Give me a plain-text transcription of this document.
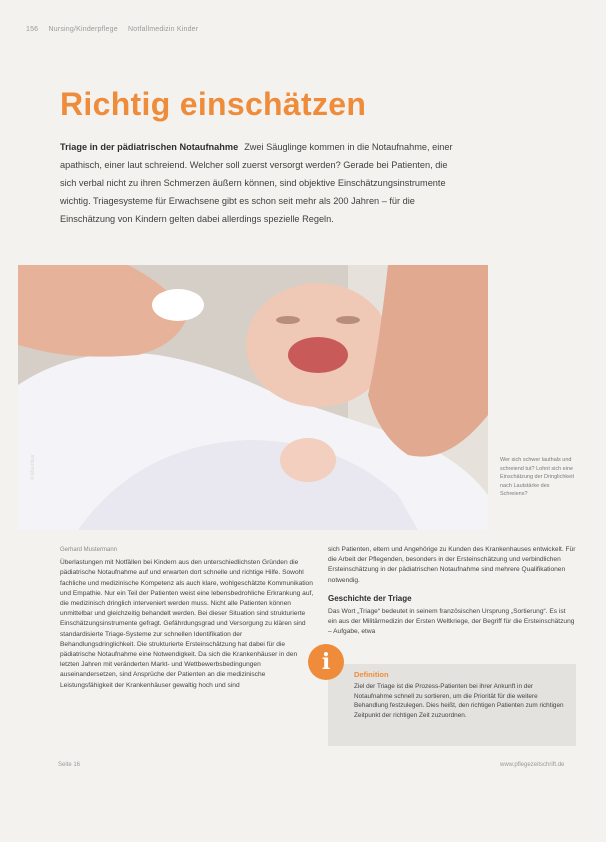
156 Nursing/Kinderpflege Notfallmedizin Kinder
Richtig einschätzen
Triage in der pädiatrischen Notaufnahme Zwei Säuglinge kommen in die Notaufnahme, einer apathisch, einer laut schreiend. Welcher soll zuerst versorgt werden? Gerade bei Patienten, die sich verbal nicht zu ihren Schmerzen äußern können, sind objektive Einschätzungsinstrumente wichtig. Triagesysteme für Erwachsene gibt es schon seit mehr als 200 Jahren – für die Einschätzung von Kindern gelten dabei allerdings spezielle Regeln.
© Mauritius	Wer sich schwer lauthals und schreiend tut? Lohnt sich eine Einschätzung der Dringlichkeit nach Lautstärke des Schreiens?
Gerhard Mustermann
Überlastungen mit Notfällen bei Kindern aus den unterschiedlichsten Gründen die pädiatrische Notaufnahme auf und erwarten dort schnelle und richtige Hilfe. Sowohl fachliche und medizinische Kompetenz als auch klare, wohlgeschätzte Kommunikation und Empathie. Nur ein Teil der Patienten weist eine lebensbedrohliche Erkrankung auf, die medizinisch dringlich interveniert werden muss. Nicht alle Patienten können unmittelbar und gleichzeitig behandelt werden. Bei dieser Situation sind strukturierte Einschätzungsinstrumente gefragt. Gefährdungsgrad und Versorgung zu klären sind standardisierte Triage-Systeme zur schnellen Identifikation der Behandlungsdringlichkeit. Die strukturierte Ersteinschätzung hat dabei für die pädiatrische Notaufnahme eine Notwendigkeit. Da sich die Krankenhäuser in den letzten Jahren mit veränderten Markt- und Wettbewerbsbedingungen auseinandersetzen, sind Ansprüche der Patienten an die medizinische Leistungsfähigkeit der Krankenhäuser gewaltig hoch und sind
sich Patienten, eltern und Angehörige zu Kunden des Krankenhauses entwickelt. Für die Arbeit der Pflegenden, besonders in der Ersteinschätzung und verbindlichen Ersteinschätzung in der pädiatrischen Notaufnahme sind mehrere Qualifikationen notwendig.
Geschichte der Triage
Das Wort „Triage“ bedeutet in seinem französischen Ursprung „Sortierung“. Es ist ein aus der Militärmedizin der Ersten Weltkriege, der Begriff für die Ersteinschätzung – Aufgabe, etwa
Definition
Ziel der Triage ist die Prozess-Patienten bei ihrer Ankunft in der Notaufnahme schnell zu sortieren, um die Priorität für die weitere Behandlung festzulegen. Dies heißt, den richtigen Patienten zum richtigen Zeitpunkt der richtigen Zeit zuzuordnen.
i
Seite 16	www.pflegezeitschrift.de
